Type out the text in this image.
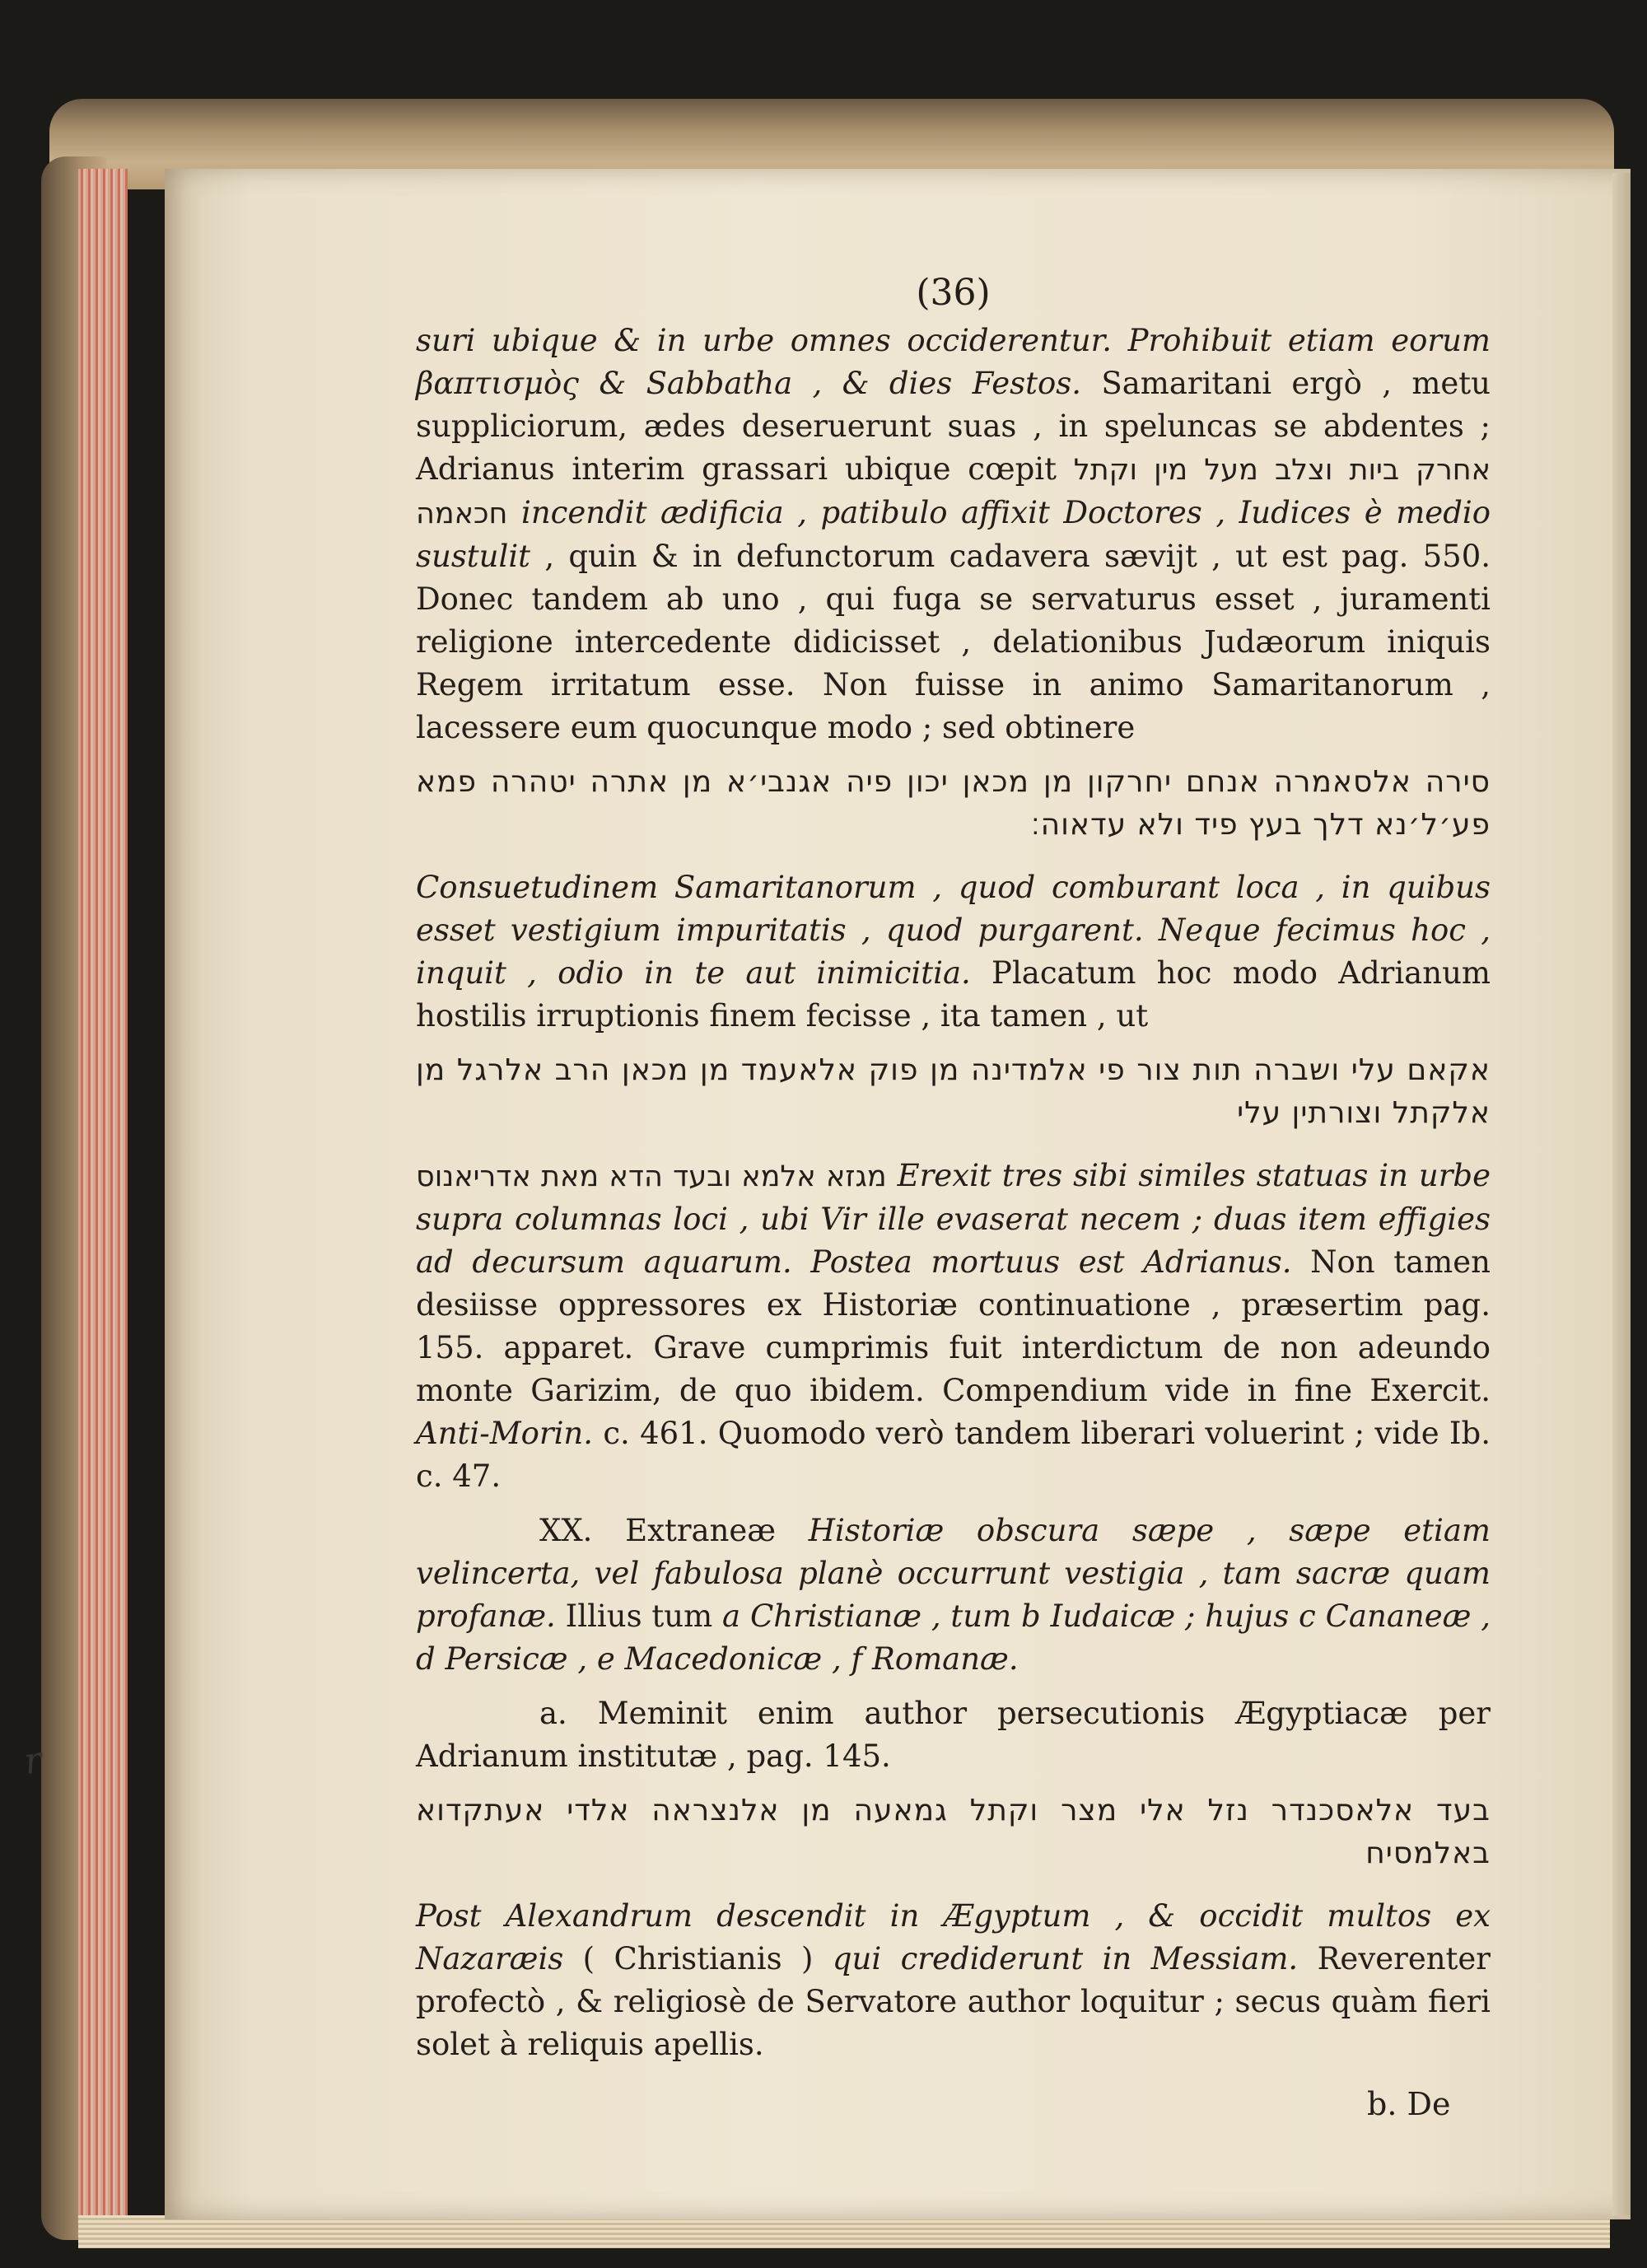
r
(36)

suri ubique & in urbe omnes occiderentur. Prohibuit etiam eorum βαπτισμὸς & Sabbatha , & dies Festos. Samaritani ergò , metu suppliciorum, ædes deseruerunt suas , in speluncas se abdentes ; Adrianus interim grassari ubique cœpit אחרק ביות וצלב מעל מין וקתל חכאמה incendit ædificia , patibulo affixit Doctores , Iudices è medio sustulit , quin & in defunctorum cadavera sævijt , ut est pag. 550. Donec tandem ab uno , qui fuga se servaturus esset , juramenti religione intercedente didicisset , delationibus Judæorum iniquis Regem irritatum esse. Non fuisse in animo Samaritanorum , lacessere eum quocunque modo ; sed obtinere

סירה אלסאמרה אנחם יחרקון מן מכאן יכון פיה אגנבי׳א מן אתרה יטהרה פמא פע׳ל׳נא דלך בעץ פיד ולא עדאוה׃

Consuetudinem Samaritanorum , quod comburant loca , in quibus esset vestigium impuritatis , quod purgarent. Neque fecimus hoc , inquit , odio in te aut inimicitia. Placatum hoc modo Adrianum hostilis irruptionis finem fecisse , ita tamen , ut

אקאם עלי ושברה תות צור פי אלמדינה מן פוק אלאעמד מן מכאן הרב אלרגל מן אלקתל וצורתין עלי

מגזא אלמא ובעד הדא מאת אדריאנוס Erexit tres sibi similes statuas in urbe supra columnas loci , ubi Vir ille evaserat necem ; duas item effigies ad decursum aquarum. Postea mortuus est Adrianus. Non tamen desiisse oppressores ex Historiæ continuatione , præsertim pag. 155. apparet. Grave cumprimis fuit interdictum de non adeundo monte Garizim, de quo ibidem. Compendium vide in fine Exercit. Anti-Morin. c. 461. Quomodo verò tandem liberari voluerint ; vide Ib. c. 47.

XX. Extraneæ Historiæ obscura sæpe , sæpe etiam velincerta, vel fabulosa planè occurrunt vestigia , tam sacræ quam profanæ. Illius tum a Christianæ , tum b Iudaicæ ; hujus c Cananeæ , d Persicæ , e Macedonicæ , f Romanæ.

a. Meminit enim author persecutionis Ægyptiacæ per Adrianum institutæ , pag. 145.

בעד אלאסכנדר נזל אלי מצר וקתל גמאעה מן אלנצראה אלדי אעתקדוא באלמסיח

Post Alexandrum descendit in Ægyptum , & occidit multos ex Nazaræis ( Christianis ) qui crediderunt in Messiam. Reverenter profectò , & religiosè de Servatore author loquitur ; secus quàm fieri solet à reliquis apellis.

b. De
